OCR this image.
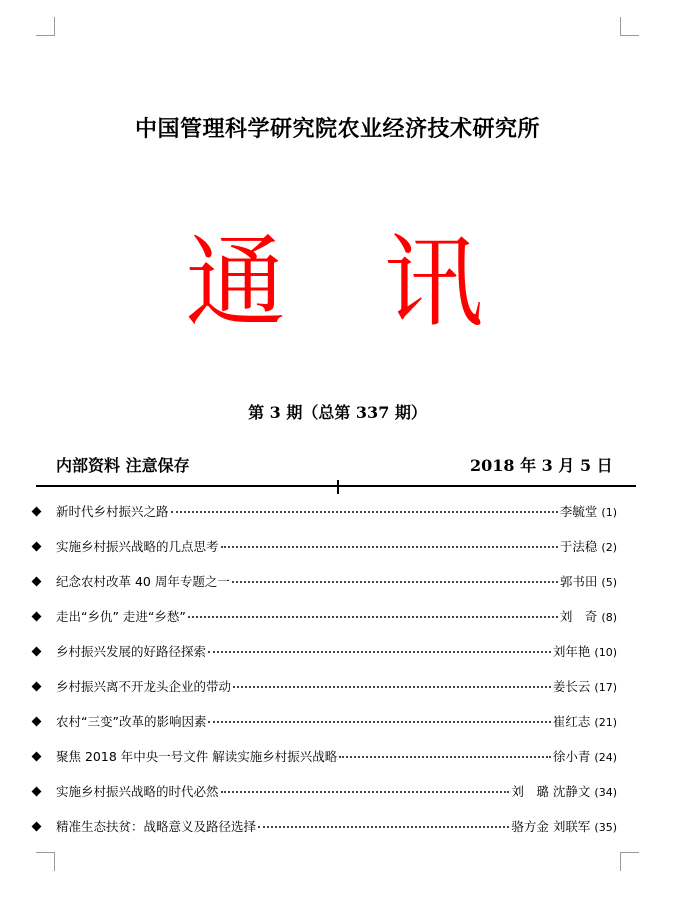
中国管理科学研究院农业经济技术研究所
通 讯
第 3 期（总第 337 期）
内部资料 注意保存	2018 年 3 月 5 日
新时代乡村振兴之路	李毓堂 (1)
实施乡村振兴战略的几点思考	于法稳 (2)
纪念农村改革 40 周年专题之一	郭书田 (5)
走出“乡仇” 走进“乡愁”	刘　奇 (8)
乡村振兴发展的好路径探索	刘年艳 (10)
乡村振兴离不开龙头企业的带动	姜长云 (17)
农村“三变”改革的影响因素	崔红志 (21)
聚焦 2018 年中央一号文件 解读实施乡村振兴战略	徐小青 (24)
实施乡村振兴战略的时代必然	刘　璐 沈静文 (34)
精准生态扶贫：战略意义及路径选择	骆方金 刘联军 (35)
